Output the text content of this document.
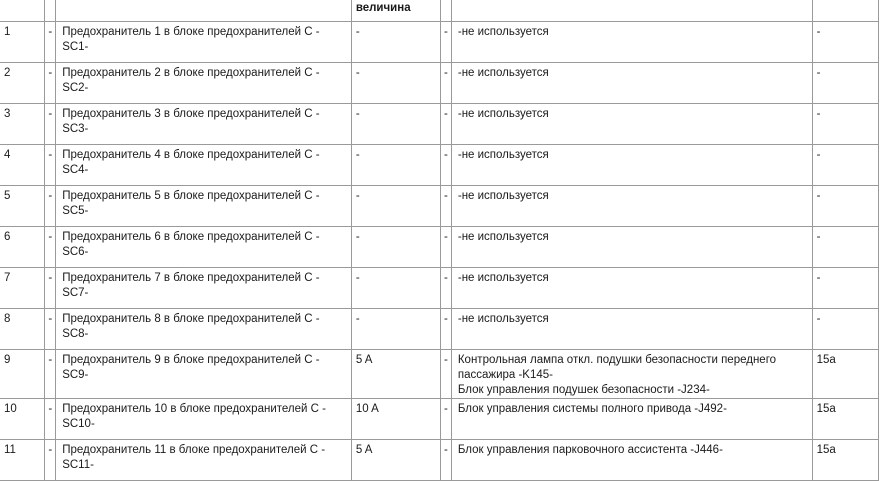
			величина			
1	-	Предохранитель 1 в блоке предохранителей С -
SC1-	-	-	-не используется	-
2	-	Предохранитель 2 в блоке предохранителей С -
SC2-	-	-	-не используется	-
3	-	Предохранитель 3 в блоке предохранителей С -
SC3-	-	-	-не используется	-
4	-	Предохранитель 4 в блоке предохранителей С -
SC4-	-	-	-не используется	-
5	-	Предохранитель 5 в блоке предохранителей С -
SC5-	-	-	-не используется	-
6	-	Предохранитель 6 в блоке предохранителей С -
SC6-	-	-	-не используется	-
7	-	Предохранитель 7 в блоке предохранителей С -
SC7-	-	-	-не используется	-
8	-	Предохранитель 8 в блоке предохранителей С -
SC8-	-	-	-не используется	-
9	-	Предохранитель 9 в блоке предохранителей С -
SC9-	5 A	-	Контрольная лампа откл. подушки безопасности переднего
пассажира -K145-
Блок управления подушек безопасности -J234-	15a
10	-	Предохранитель 10 в блоке предохранителей С -
SC10-	10 A	-	Блок управления системы полного привода -J492-	15a
11	-	Предохранитель 11 в блоке предохранителей С -
SC11-	5 A	-	Блок управления парковочного ассистента -J446-	15a
